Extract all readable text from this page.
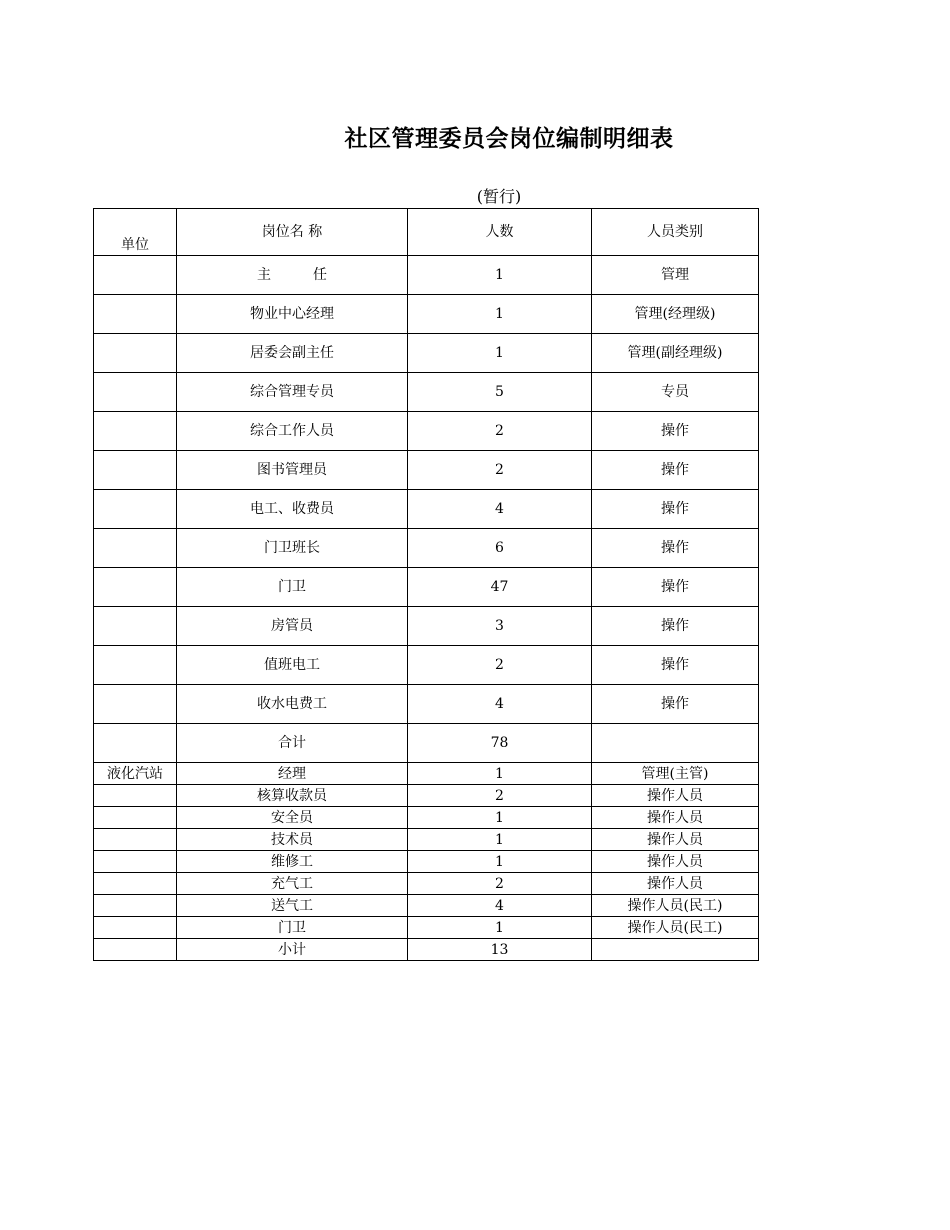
社区管理委员会岗位编制明细表
(暂行)
单位	岗位名 称	人数	人员类别
	主　　　任	1	管理
	物业中心经理	1	管理(经理级)
	居委会副主任	1	管理(副经理级)
	综合管理专员	5	专员
	综合工作人员	2	操作
	图书管理员	2	操作
	电工、收费员	4	操作
	门卫班长	6	操作
	门卫	47	操作
	房管员	3	操作
	值班电工	2	操作
	收水电费工	4	操作
	合计	78	
液化汽站	经理	1	管理(主管)
	核算收款员	2	操作人员
	安全员	1	操作人员
	技术员	1	操作人员
	维修工	1	操作人员
	充气工	2	操作人员
	送气工	4	操作人员(民工)
	门卫	1	操作人员(民工)
	小计	13	
